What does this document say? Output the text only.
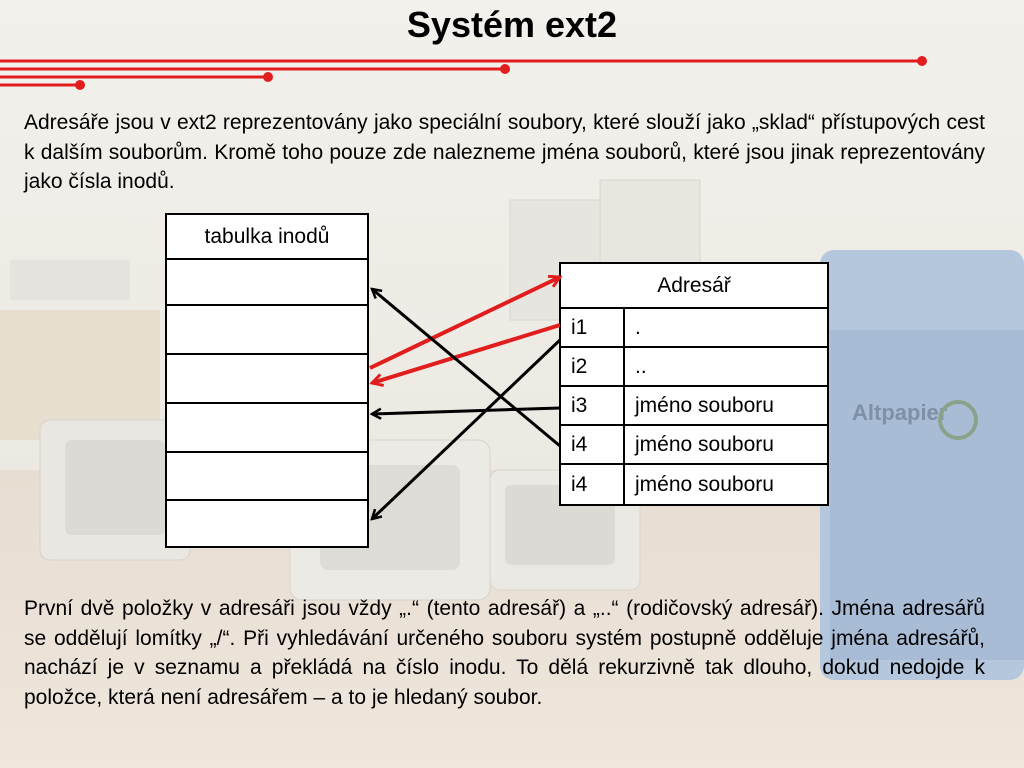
Altpapier
Systém ext2
Adresáře jsou v ext2 reprezentovány jako speciální soubory, které slouží jako „sklad“ přístupových cest k dalším souborům. Kromě toho pouze zde nalezneme jména souborů, které jsou jinak reprezentovány jako čísla inodů.
tabulka inodů
Adresář
i1	.
i2	..
i3	jméno souboru
i4	jméno souboru
i4	jméno souboru
První dvě položky v adresáři jsou vždy „.“ (tento adresář) a „..“ (rodičovský adresář). Jména adresářů se oddělují lomítky „/“. Při vyhledávání určeného souboru systém postupně odděluje jména adresářů, nachází je v seznamu a překládá na číslo inodu. To dělá rekurzivně tak dlouho, dokud nedojde k položce, která není adresářem – a to je hledaný soubor.
